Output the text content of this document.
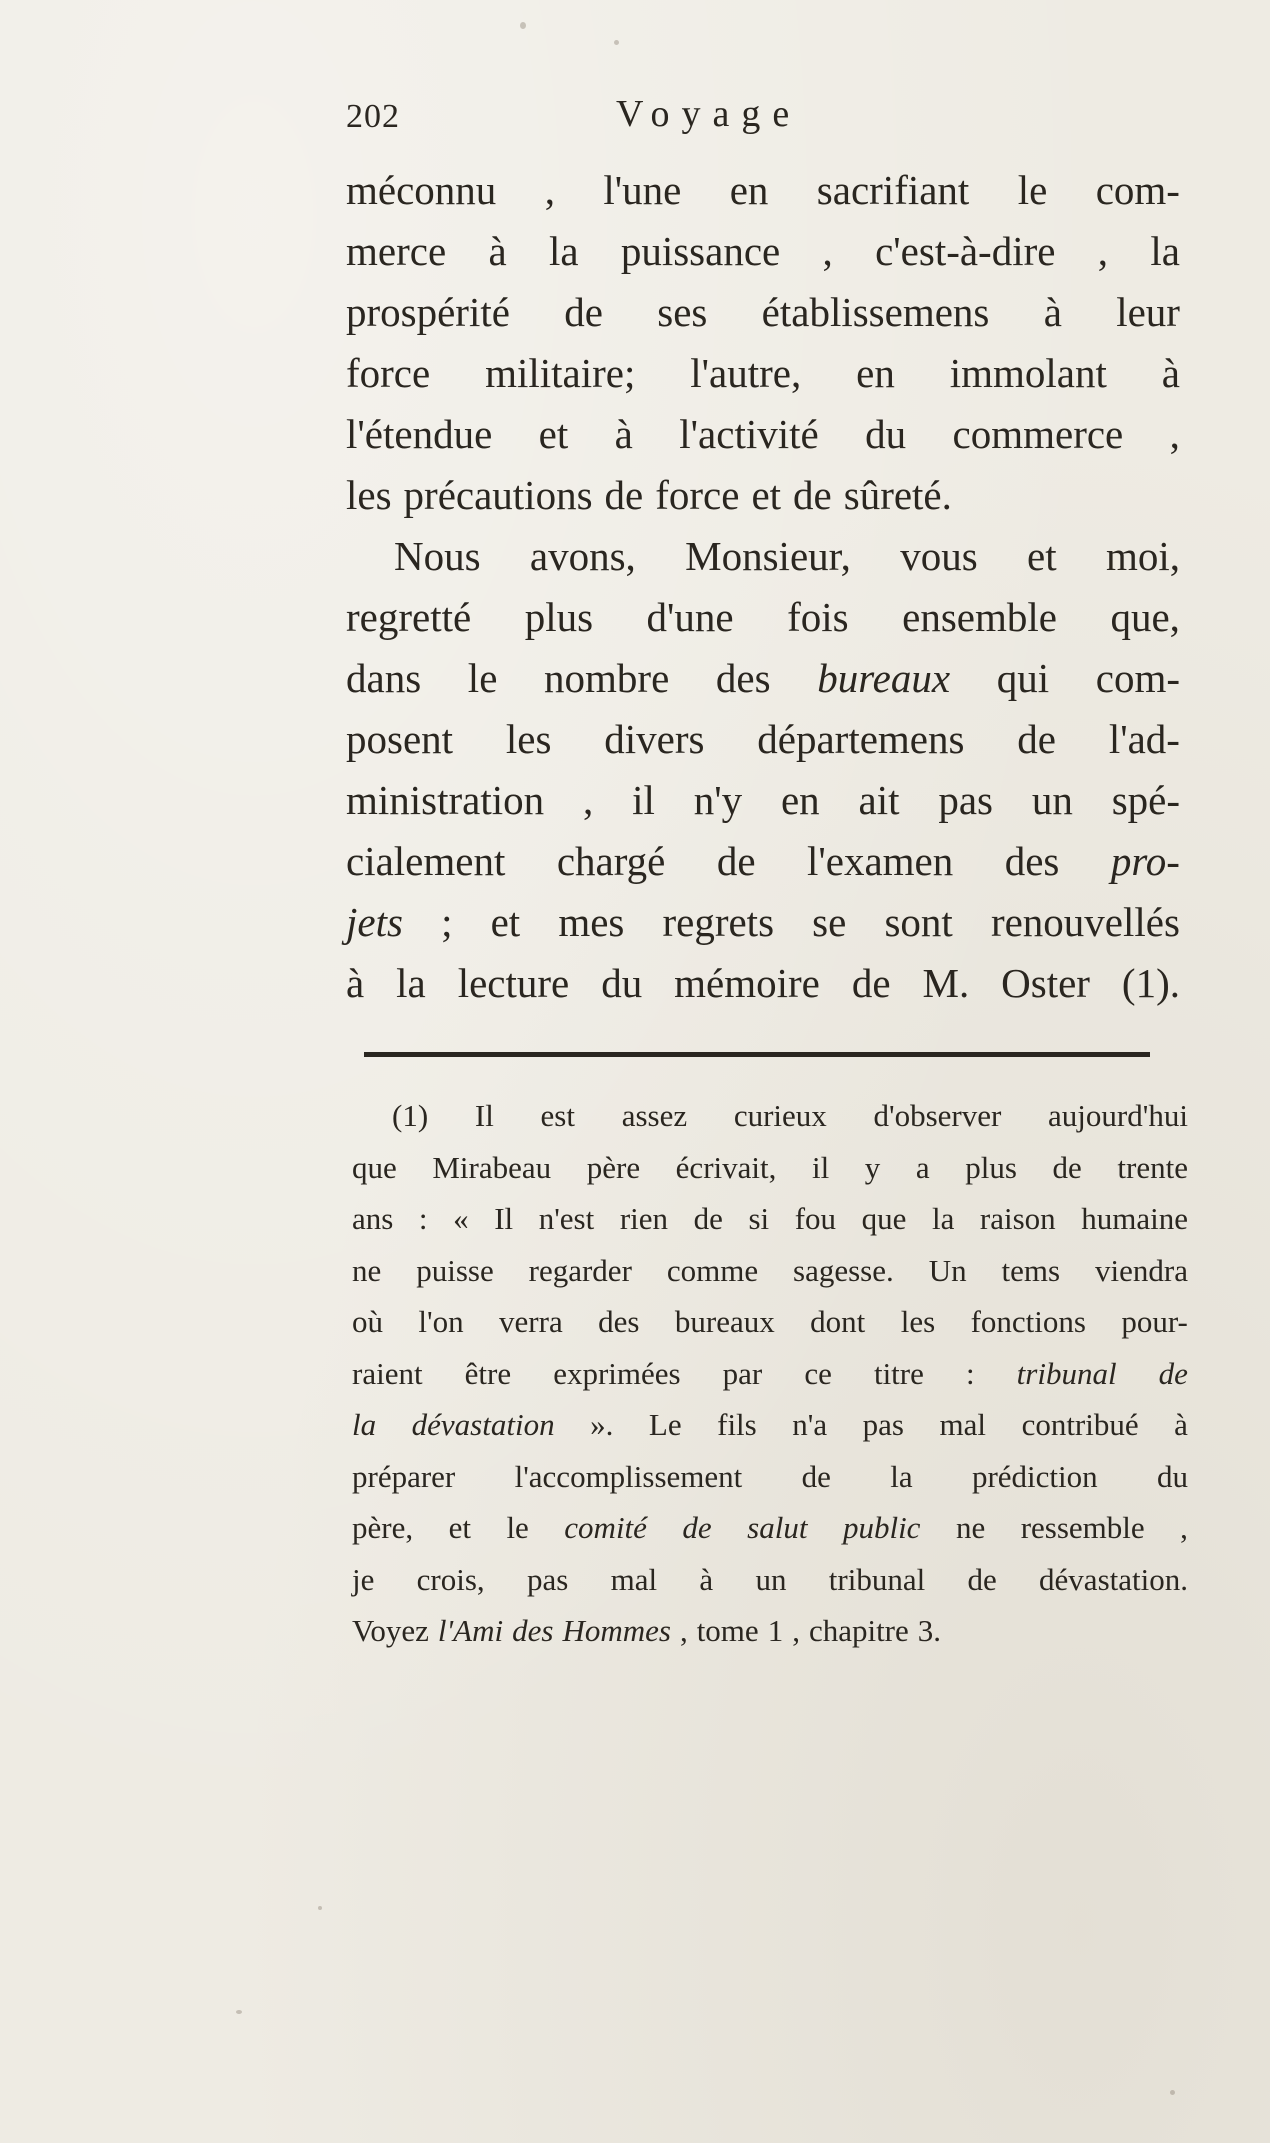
202	Voyage
méconnu , l'une en sacrifiant le com-
merce à la puissance , c'est-à-dire , la
prospérité de ses établissemens à leur
force militaire; l'autre, en immolant à
l'étendue et à l'activité du commerce ,
les précautions de force et de sûreté.
Nous avons, Monsieur, vous et moi,
regretté plus d'une fois ensemble que,
dans le nombre des bureaux qui com-
posent les divers départemens de l'ad-
ministration , il n'y en ait pas un spé-
cialement chargé de l'examen des pro-
jets ; et mes regrets se sont renouvellés
à la lecture du mémoire de M. Oster (1).
(1) Il est assez curieux d'observer aujourd'hui
que Mirabeau père écrivait, il y a plus de trente
ans : « Il n'est rien de si fou que la raison humaine
ne puisse regarder comme sagesse. Un tems viendra
où l'on verra des bureaux dont les fonctions pour-
raient être exprimées par ce titre : tribunal de
la dévastation ». Le fils n'a pas mal contribué à
préparer l'accomplissement de la prédiction du
père, et le comité de salut public ne ressemble ,
je crois, pas mal à un tribunal de dévastation.
Voyez l'Ami des Hommes , tome 1 , chapitre 3.
